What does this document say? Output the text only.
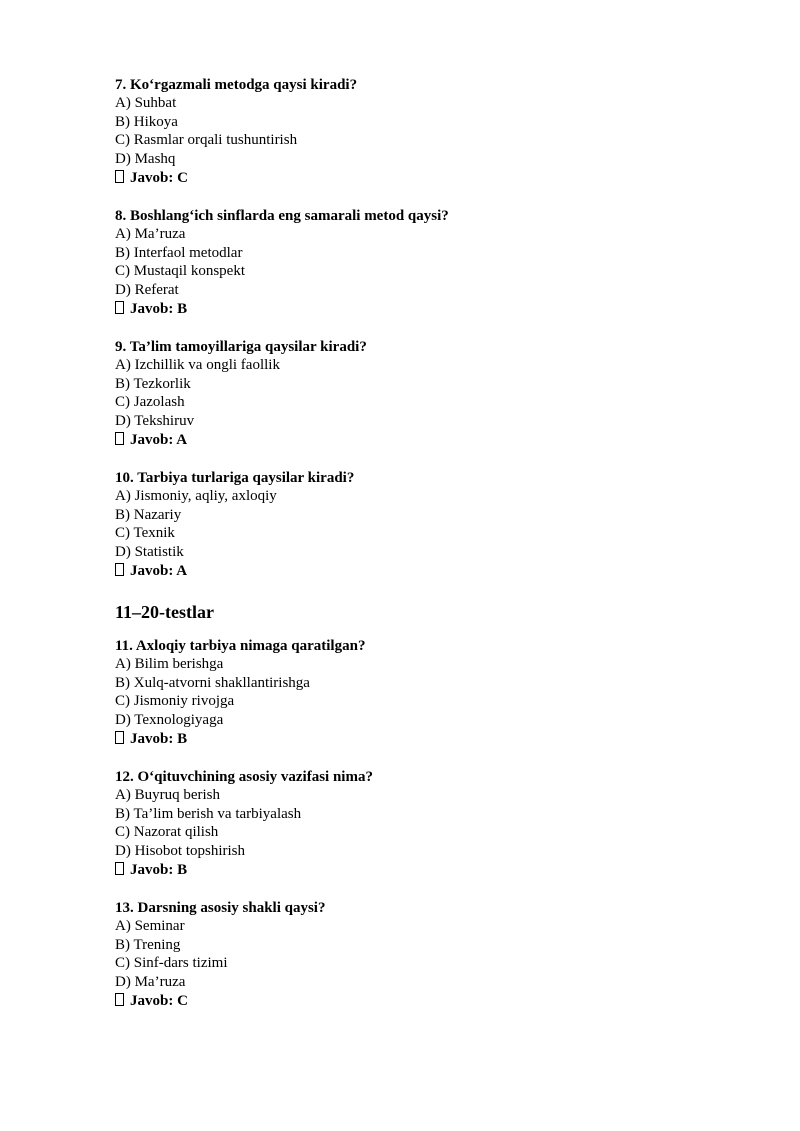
7. Ko‘rgazmali metodga qaysi kiradi?
A) Suhbat
B) Hikoya
C) Rasmlar orqali tushuntirish
D) Mashq
Javob: C
8. Boshlang‘ich sinflarda eng samarali metod qaysi?
A) Ma’ruza
B) Interfaol metodlar
C) Mustaqil konspekt
D) Referat
Javob: B
9. Ta’lim tamoyillariga qaysilar kiradi?
A) Izchillik va ongli faollik
B) Tezkorlik
C) Jazolash
D) Tekshiruv
Javob: A
10. Tarbiya turlariga qaysilar kiradi?
A) Jismoniy, aqliy, axloqiy
B) Nazariy
C) Texnik
D) Statistik
Javob: A
11–20-testlar
11. Axloqiy tarbiya nimaga qaratilgan?
A) Bilim berishga
B) Xulq-atvorni shakllantirishga
C) Jismoniy rivojga
D) Texnologiyaga
Javob: B
12. O‘qituvchining asosiy vazifasi nima?
A) Buyruq berish
B) Ta’lim berish va tarbiyalash
C) Nazorat qilish
D) Hisobot topshirish
Javob: B
13. Darsning asosiy shakli qaysi?
A) Seminar
B) Trening
C) Sinf-dars tizimi
D) Ma’ruza
Javob: C
